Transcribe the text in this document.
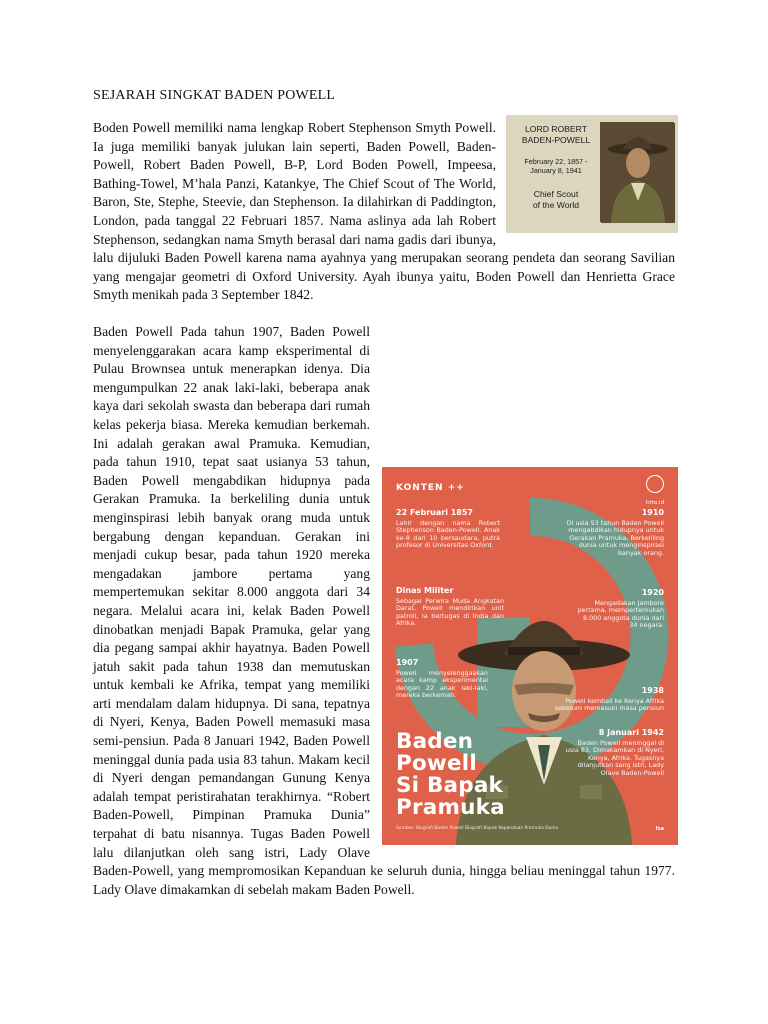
SEJARAH SINGKAT BADEN POWELL
LORD ROBERT
BADEN-POWELL
February 22, 1857 -
January 8, 1941
Chief Scout
of the World
Boden Powell memiliki nama lengkap Robert Stephenson Smyth Powell. Ia juga memiliki banyak julukan lain seperti, Baden Powell, Baden-Powell, Robert Baden Powell, B-P, Lord Boden Powell, Impeesa, Bathing-Towel, M’hala Panzi, Katankye, The Chief Scout of The World, Baron, Ste, Stephe, Steevie, dan Stephenson. Ia dilahirkan di Paddington, London, pada tanggal 22 Februari 1857. Nama aslinya ada lah Robert Stephenson, sedangkan nama Smyth berasal dari nama gadis dari ibunya, lalu dijuluki Baden Powell karena nama ayahnya yang merupakan seorang pendeta dan seorang Savilian yang mengajar geometri di Oxford University. Ayah ibunya yaitu, Boden Powell dan Henrietta Grace Smyth menikah pada 3 September 1842.
KONTEN ++
tirto.id
22 Februari 1857
Lahir dengan nama Robert Stephenson Baden-Powell. Anak ke-8 dari 10 bersaudara, putra profesor di Universitas Oxford.
Dinas Militer
Sebagai Perwira Muda Angkatan Darat, Powell mendirikan unit patroli, la bertugas di India dan Afrika.
1907
Powell menyelenggaakan acara kamp eksperimental dengan 22 anak laki-laki, mereka berkemah.
1910
Di usia 53 tahun Baden Powell mengabdikan hidupnya untuk Gerakan Pramuka. Berkeliling dunia untuk menginspirasi banyak orang.
1920
Mengadakan Jambore pertama, mempertemukan 8.000 anggota dunia dari 34 negara.
1938
Powell kembali ke Kenya Afrika sebelum memasuki masa pensiun
8 Januari 1942
Baden Powell meninggal di usia 83. Dimakamkan di Nyeri, Kenya, Afrika. Tugasnya dilanjutkan sang istri, Lady Olave Baden-Powell
Baden
Powell
Si Bapak
Pramuka
Sumber: Biografi Baden Powell Biografi Bapak Kepanduan Pramuka Dunia	fsa
Baden Powell Pada tahun 1907, Baden Powell menyelenggarakan acara kamp eksperimental di Pulau Brownsea untuk menerapkan idenya. Dia mengumpulkan 22 anak laki-laki, beberapa anak kaya dari sekolah swasta dan beberapa dari rumah kelas pekerja biasa. Mereka kemudian berkemah. Ini adalah gerakan awal Pramuka. Kemudian, pada tahun 1910, tepat saat usianya 53 tahun, Baden Powell mengabdikan hidupnya pada Gerakan Pramuka. Ia berkeliling dunia untuk menginspirasi lebih banyak orang muda untuk bergabung dengan kepanduan. Gerakan ini menjadi cukup besar, pada tahun 1920 mereka mengadakan jambore pertama yang mempertemukan sekitar 8.000 anggota dari 34 negara. Melalui acara ini, kelak Baden Powell dinobatkan menjadi Bapak Pramuka, gelar yang dia pegang sampai akhir hayatnya. Baden Powell jatuh sakit pada tahun 1938 dan memutuskan untuk kembali ke Afrika, tempat yang memiliki arti mendalam dalam hidupnya. Di sana, tepatnya di Nyeri, Kenya, Baden Powell memasuki masa semi-pensiun. Pada 8 Januari 1942, Baden Powell meninggal dunia pada usia 83 tahun. Makam kecil di Nyeri dengan pemandangan Gunung Kenya adalah tempat peristirahatan terakhirnya. “Robert Baden-Powell, Pimpinan Pramuka Dunia” terpahat di batu nisannya. Tugas Baden Powell lalu dilanjutkan oleh sang istri, Lady Olave Baden-Powell, yang mempromosikan Kepanduan ke seluruh dunia, hingga beliau meninggal tahun 1977. Lady Olave dimakamkan di sebelah makam Baden Powell.
